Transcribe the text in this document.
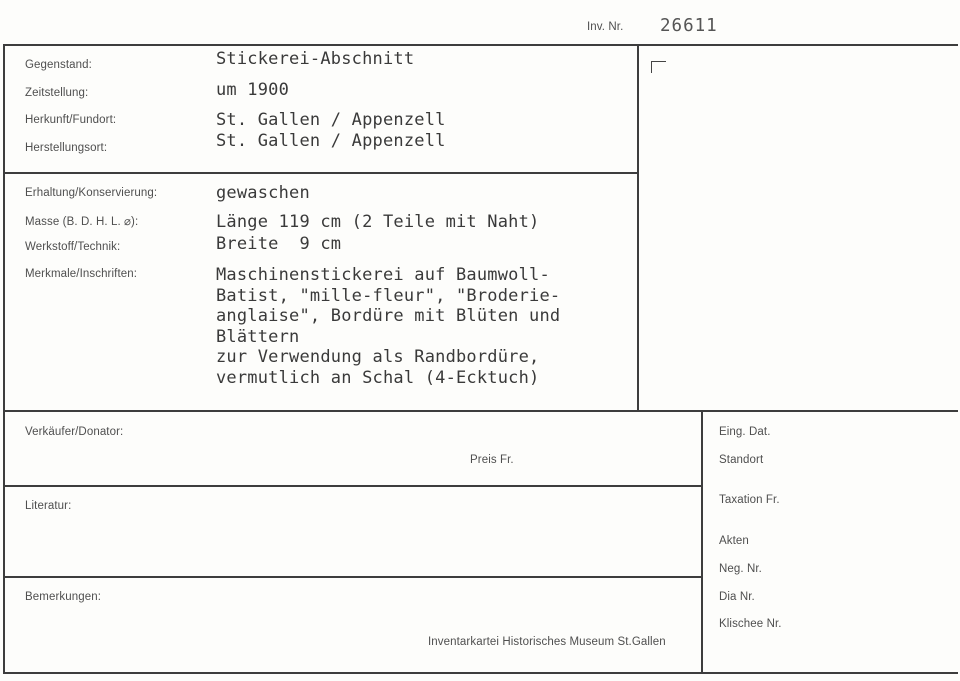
Inv. Nr. 26611
Gegenstand:
Zeitstellung:
Herkunft/Fundort:
Herstellungsort:
Stickerei-Abschnitt
um 1900
St. Gallen / Appenzell
St. Gallen / Appenzell
Erhaltung/Konservierung:
Masse (B. D. H. L. ⌀):
Werkstoff/Technik:
Merkmale/Inschriften:
gewaschen
Länge 119 cm (2 Teile mit Naht)
Breite  9 cm
Maschinenstickerei auf Baumwoll-
Batist, "mille-fleur", "Broderie-
anglaise", Bordüre mit Blüten und
Blättern
zur Verwendung als Randbordüre,
vermutlich an Schal (4-Ecktuch)
Verkäufer/Donator:
Preis Fr.
Literatur:
Bemerkungen:
Inventarkartei Historisches Museum St.Gallen
Eing. Dat.
Standort
Taxation Fr.
Akten
Neg. Nr.
Dia Nr.
Klischee Nr.
